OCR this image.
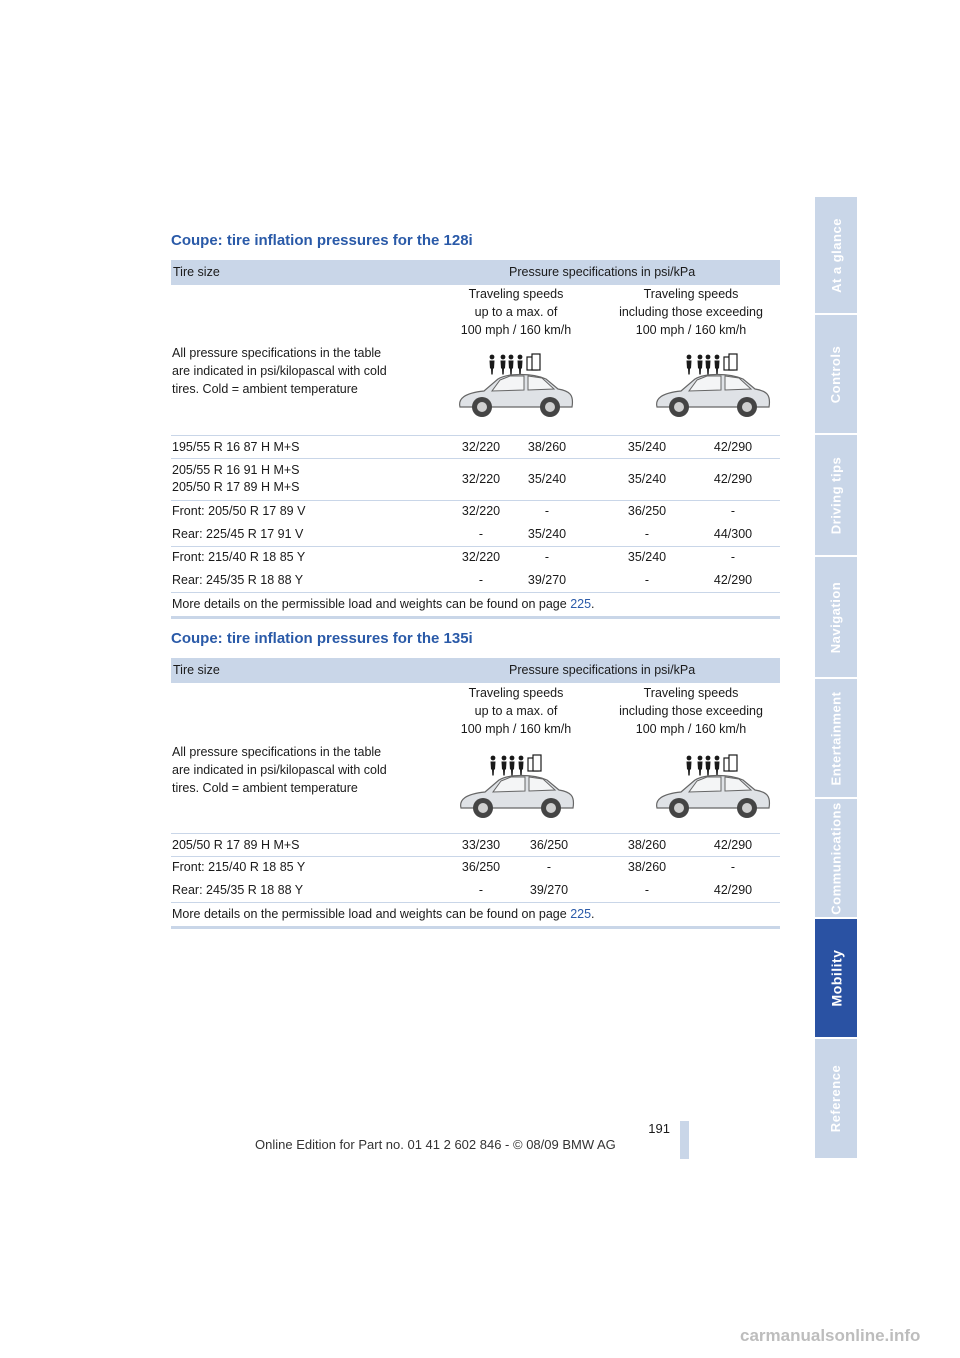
At a glance
Controls
Driving tips
Navigation
Entertainment
Communications
Mobility
Reference
Coupe: tire inflation pressures for the 128i
Tire size	Pressure specifications in psi/kPa
Traveling speeds
up to a max. of
100 mph / 160 km/h
Traveling speeds
including those exceeding
100 mph / 160 km/h
All pressure specifications in the table
are indicated in psi/kilopascal with cold
tires. Cold = ambient temperature
195/55 R 16 87 H M+S	32/220	38/260	35/240	42/290
205/55 R 16 91 H M+S
205/50 R 17 89 H M+S
32/220	35/240	35/240	42/290
Front: 205/50 R 17 89 V	32/220	-	36/250	-
Rear: 225/45 R 17 91 V	-	35/240	-	44/300
Front: 215/40 R 18 85 Y	32/220	-	35/240	-
Rear: 245/35 R 18 88 Y	-	39/270	-	42/290
More details on the permissible load and weights can be found on page 225.
Coupe: tire inflation pressures for the 135i
Tire size	Pressure specifications in psi/kPa
Traveling speeds
up to a max. of
100 mph / 160 km/h
Traveling speeds
including those exceeding
100 mph / 160 km/h
All pressure specifications in the table
are indicated in psi/kilopascal with cold
tires. Cold = ambient temperature
205/50 R 17 89 H M+S	33/230	36/250	38/260	42/290
Front: 215/40 R 18 85 Y	36/250	-	38/260	-
Rear: 245/35 R 18 88 Y	-	39/270	-	42/290
More details on the permissible load and weights can be found on page 225.
191
Online Edition for Part no. 01 41 2 602 846 - © 08/09 BMW AG
carmanualsonline.info
